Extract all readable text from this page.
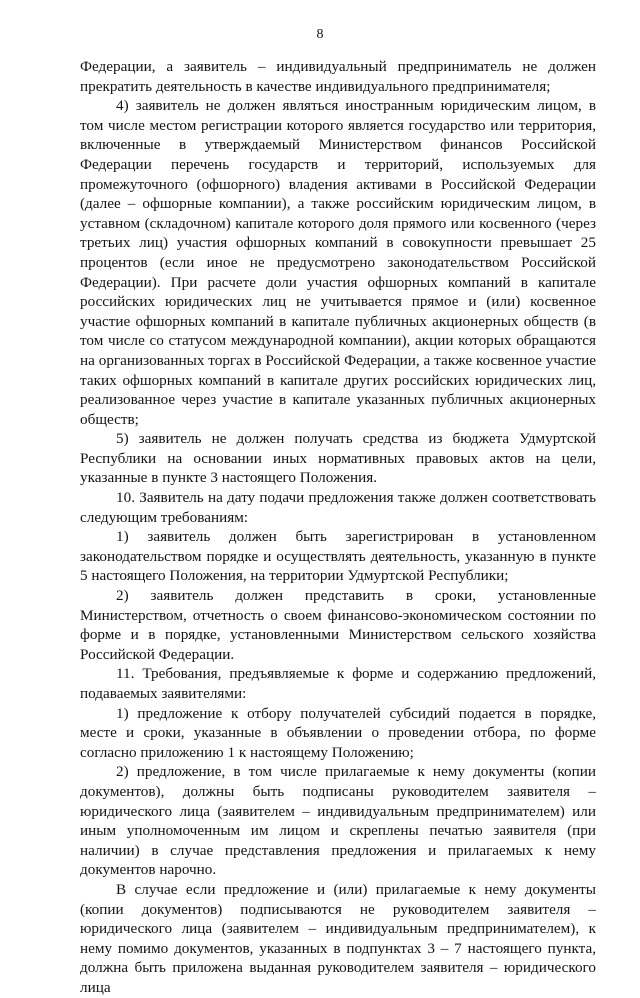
8

Федерации, а заявитель – индивидуальный предприниматель не должен прекратить деятельность в качестве индивидуального предпринимателя;

4) заявитель не должен являться иностранным юридическим лицом, в том числе местом регистрации которого является государство или территория, включенные в утверждаемый Министерством финансов Российской Федерации перечень государств и территорий, используемых для промежуточного (офшорного) владения активами в Российской Федерации (далее – офшорные компании), а также российским юридическим лицом, в уставном (складочном) капитале которого доля прямого или косвенного (через третьих лиц) участия офшорных компаний в совокупности превышает 25 процентов (если иное не предусмотрено законодательством Российской Федерации). При расчете доли участия офшорных компаний в капитале российских юридических лиц не учитывается прямое и (или) косвенное участие офшорных компаний в капитале публичных акционерных обществ (в том числе со статусом международной компании), акции которых обращаются на организованных торгах в Российской Федерации, а также косвенное участие таких офшорных компаний в капитале других российских юридических лиц, реализованное через участие в капитале указанных публичных акционерных обществ;

5) заявитель не должен получать средства из бюджета Удмуртской Республики на основании иных нормативных правовых актов на цели, указанные в пункте 3 настоящего Положения.

10. Заявитель на дату подачи предложения также должен соответствовать следующим требованиям:

1) заявитель должен быть зарегистрирован в установленном законодательством порядке и осуществлять деятельность, указанную в пункте 5 настоящего Положения, на территории Удмуртской Республики;

2) заявитель должен представить в сроки, установленные Министерством, отчетность о своем финансово-экономическом состоянии по форме и в порядке, установленными Министерством сельского хозяйства Российской Федерации.

11. Требования, предъявляемые к форме и содержанию предложений, подаваемых заявителями:

1) предложение к отбору получателей субсидий подается в порядке, месте и сроки, указанные в объявлении о проведении отбора, по форме согласно приложению 1 к настоящему Положению;

2) предложение, в том числе прилагаемые к нему документы (копии документов), должны быть подписаны руководителем заявителя – юридического лица (заявителем – индивидуальным предпринимателем) или иным уполномоченным им лицом и скреплены печатью заявителя (при наличии) в случае представления предложения и прилагаемых к нему документов нарочно.

В случае если предложение и (или) прилагаемые к нему документы (копии документов) подписываются не руководителем заявителя – юридического лица (заявителем – индивидуальным предпринимателем), к нему помимо документов, указанных в подпунктах 3 – 7 настоящего пункта, должна быть приложена выданная руководителем заявителя – юридического лица
